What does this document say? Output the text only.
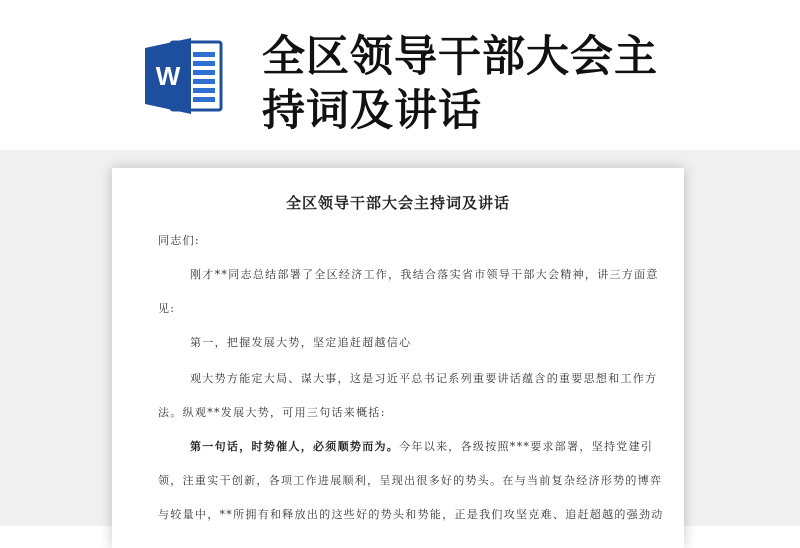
W 全区领导干部大会主
持词及讲话
全区领导干部大会主持词及讲话
同志们:
刚才**同志总结部署了全区经济工作，我结合落实省市领导干部大会精神，讲三方面意
见:
第一，把握发展大势，坚定追赶超越信心
观大势方能定大局、谋大事，这是习近平总书记系列重要讲话蕴含的重要思想和工作方
法。纵观**发展大势，可用三句话来概括:
第一句话，时势催人，必须顺势而为。今年以来，各级按照***要求部署，坚持党建引
领，注重实干创新，各项工作进展顺利，呈现出很多好的势头。在与当前复杂经济形势的博弈
与较量中，**所拥有和释放出的这些好的势头和势能，正是我们攻坚克难、追赶超越的强劲动
